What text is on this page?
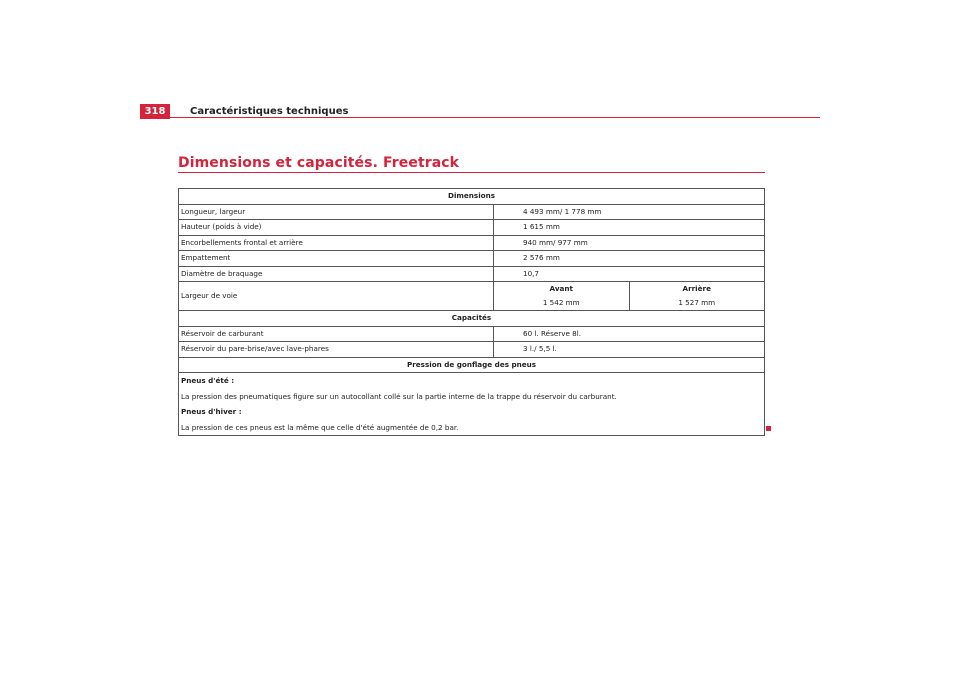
318	Caractéristiques techniques
Dimensions et capacités. Freetrack
Dimensions
Longueur, largeur	4 493 mm/ 1 778 mm
Hauteur (poids à vide)	1 615 mm
Encorbellements frontal et arrière	940 mm/ 977 mm
Empattement	2 576 mm
Diamètre de braquage	10,7
Largeur de voie	
Avant	Arrière
1 542 mm	1 527 mm

Capacités
Réservoir de carburant	60 l. Réserve 8l.
Réservoir du pare-brise/avec lave-phares	3 l./ 5,5 l.
Pression de gonflage des pneus

Pneus d'été :
La pression des pneumatiques figure sur un autocollant collé sur la partie interne de la trappe du réservoir du carburant.
Pneus d'hiver :
La pression de ces pneus est la même que celle d'été augmentée de 0,2 bar.
